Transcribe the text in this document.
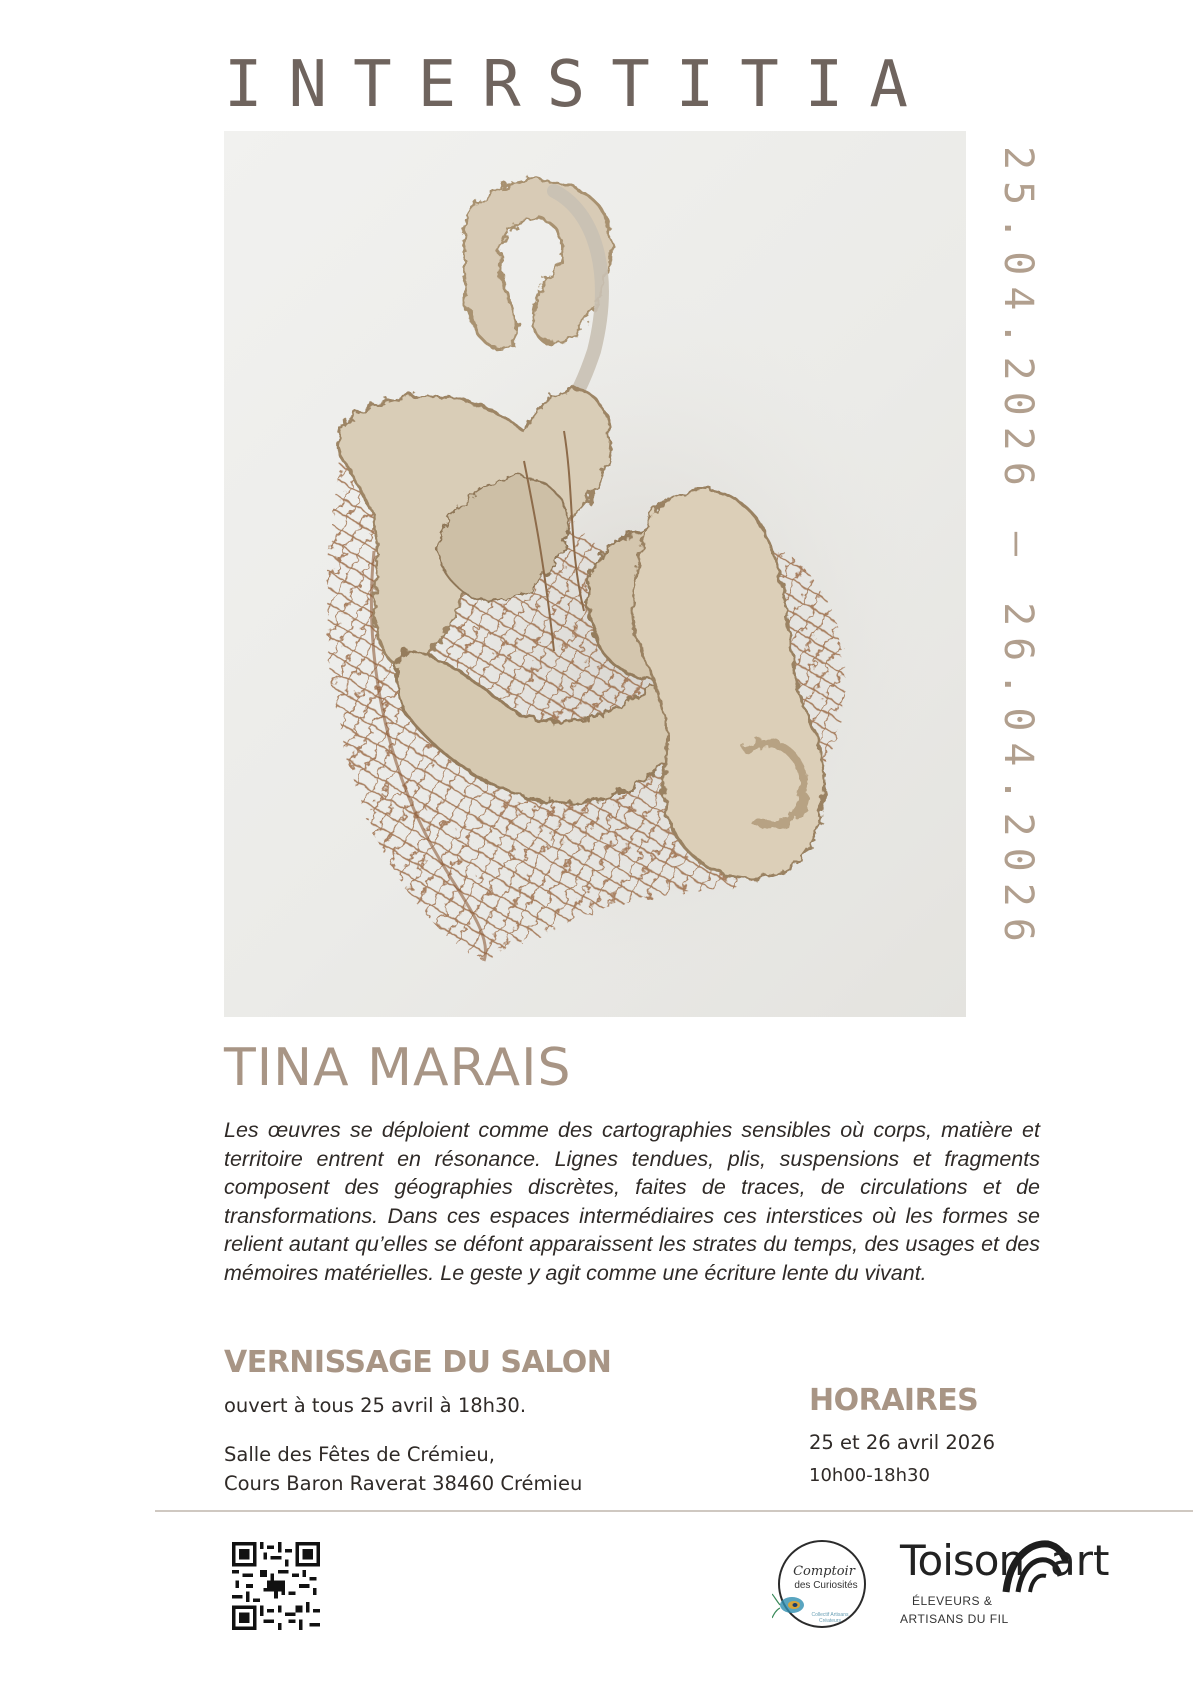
INTERSTITIA
25.04.2026 – 26.04.2026
TINA MARAIS

Les œuvres se déploient comme des cartographies sensibles où corps, matière et territoire entrent en résonance. Lignes tendues, plis, suspensions et fragments composent des géographies discrètes, faites de traces, de circulations et de transformations. Dans ces espaces intermédiaires ces interstices où les formes se relient autant qu’elles se défont apparaissent les strates du temps, des usages et des mémoires matérielles. Le geste y agit comme une écriture lente du vivant.

VERNISSAGE DU SALON
ouvert à tous 25 avril à 18h30.
Salle des Fêtes de Crémieu,
Cours Baron Raverat 38460 Crémieu
HORAIRES
25 et 26 avril 2026
10h00-18h30
Comptoir
des Curiosités
Collectif Artisans Créateurs
Toison art
ÉLEVEURS &
ARTISANS DU FIL
